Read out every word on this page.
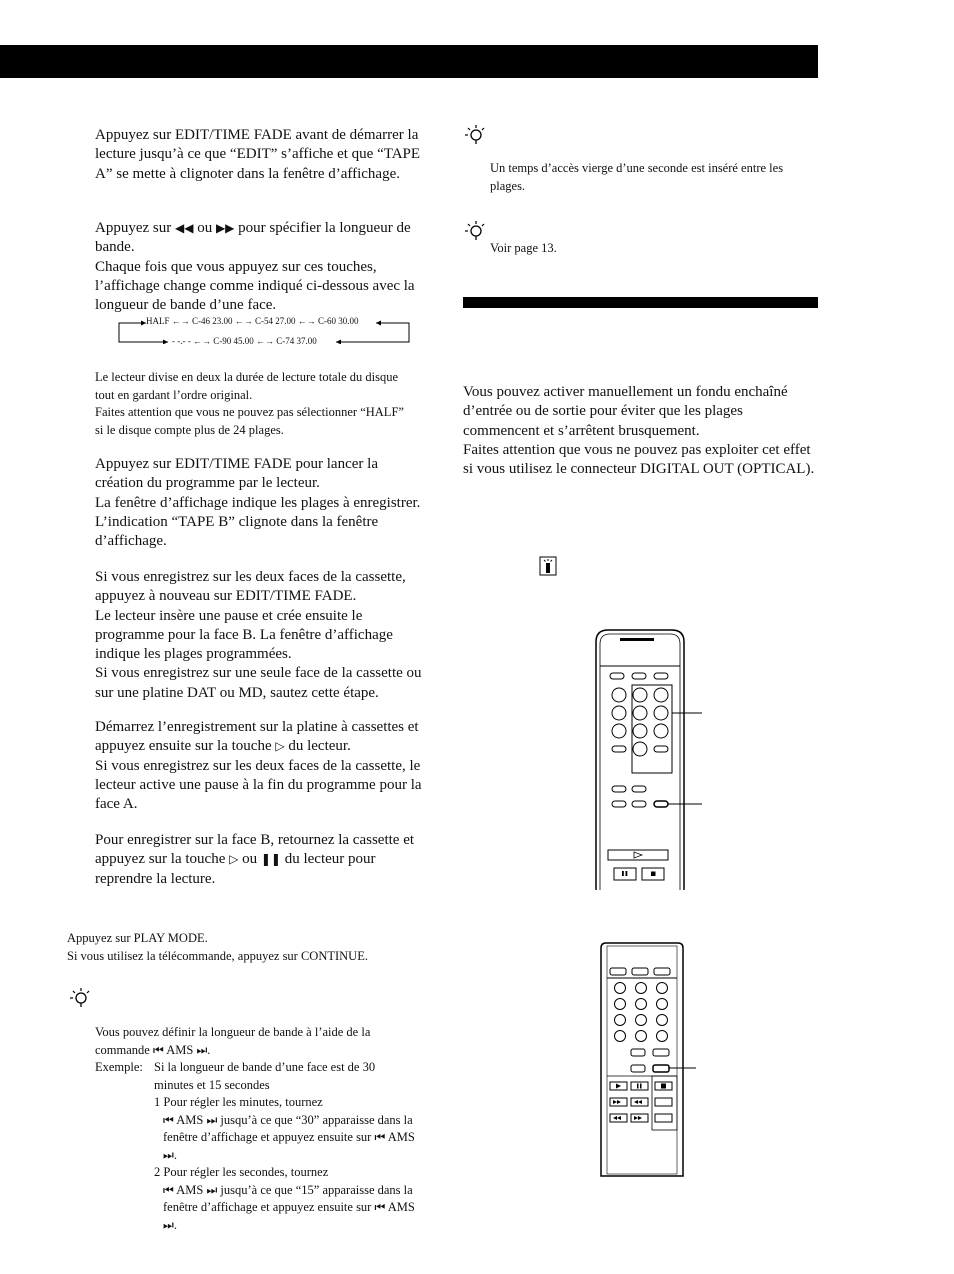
Appuyez sur EDIT/TIME FADE avant de démarrer la lecture jusqu’à ce que “EDIT” s’affiche et que “TAPE A” se mette à clignoter dans la fenêtre d’affichage.

Appuyez sur ◀◀ ou ▶▶ pour spécifier la longueur de bande.

Chaque fois que vous appuyez sur ces touches, l’affichage change comme indiqué ci-dessous avec la longueur de bande d’une face.

HALF ←→ C-46 23.00 ←→ C-54 27.00 ←→ C-60 30.00
- -.- - ←→ C-90 45.00 ←→ C-74 37.00

Le lecteur divise en deux la durée de lecture totale du disque tout en gardant l’ordre original.

Faites attention que vous ne pouvez pas sélectionner “HALF” si le disque compte plus de 24 plages.

Appuyez sur EDIT/TIME FADE pour lancer la création du programme par le lecteur.

La fenêtre d’affichage indique les plages à enregistrer. L’indication “TAPE B” clignote dans la fenêtre d’affichage.

Si vous enregistrez sur les deux faces de la cassette, appuyez à nouveau sur EDIT/TIME FADE.

Le lecteur insère une pause et crée ensuite le programme pour la face B. La fenêtre d’affichage indique les plages programmées.

Si vous enregistrez sur une seule face de la cassette ou sur une platine DAT ou MD, sautez cette étape.

Démarrez l’enregistrement sur la platine à cassettes et appuyez ensuite sur la touche ▷ du lecteur.

Si vous enregistrez sur les deux faces de la cassette, le lecteur active une pause à la fin du programme pour la face A.

Pour enregistrer sur la face B, retournez la cassette et appuyez sur la touche ▷ ou ❚❚ du lecteur pour reprendre la lecture.

Appuyez sur PLAY MODE.

Si vous utilisez la télécommande, appuyez sur CONTINUE.

Vous pouvez définir la longueur de bande à l’aide de la commande ⏮ AMS ⏭.

Exemple:	Si la longueur de bande d’une face est de 30 minutes et 15 secondes

	1 Pour régler les minutes, tournez
⏮ AMS ⏭ jusqu’à ce que “30” apparaisse dans la fenêtre d’affichage et appuyez ensuite sur ⏮ AMS ⏭.

	2 Pour régler les secondes, tournez
⏮ AMS ⏭ jusqu’à ce que “15” apparaisse dans la fenêtre d’affichage et appuyez ensuite sur ⏮ AMS ⏭.

Un temps d’accès vierge d’une seconde est inséré entre les plages.

Voir page 13.

Vous pouvez activer manuellement un fondu enchaîné d’entrée ou de sortie pour éviter que les plages commencent et s’arrêtent brusquement.

Faites attention que vous ne pouvez pas exploiter cet effet si vous utilisez le connecteur DIGITAL OUT (OPTICAL).
